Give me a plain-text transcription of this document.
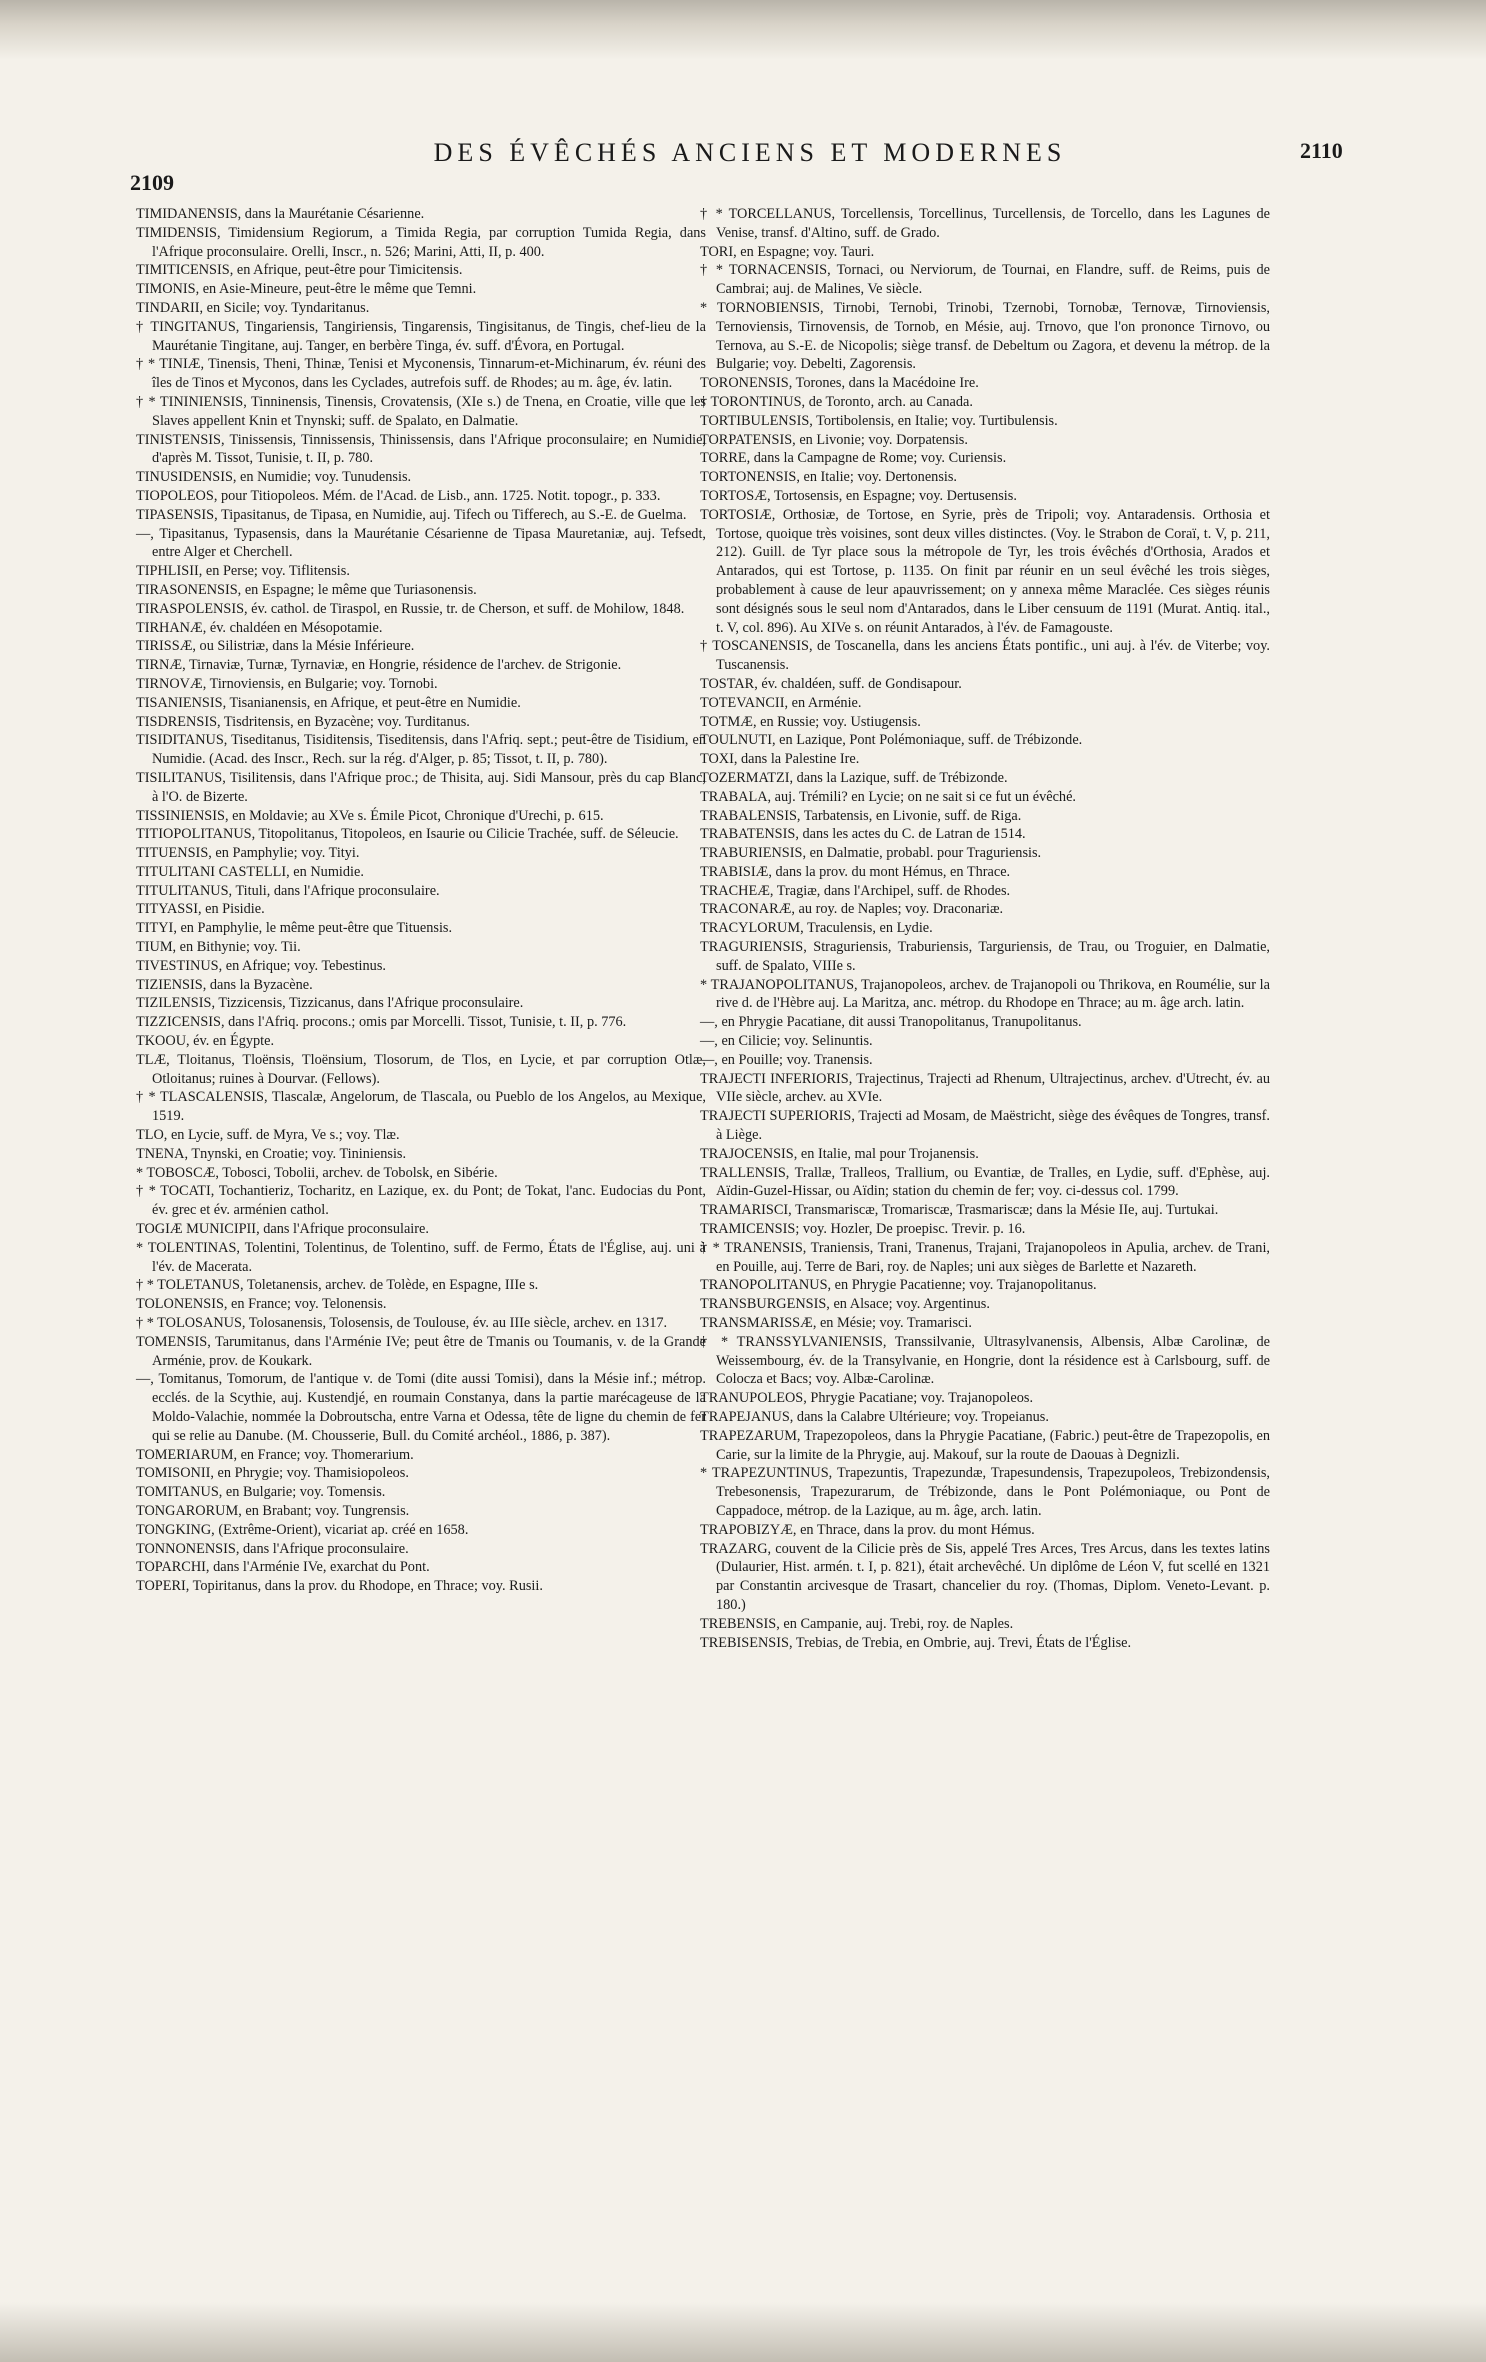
2109
DES ÉVÊCHÉS ANCIENS ET MODERNES	2110

TIMIDANENSIS, dans la Maurétanie Césarienne.

TIMIDENSIS, Timidensium Regiorum, a Timida Regia, par corruption Tumida Regia, dans l'Afrique proconsulaire. Orelli, Inscr., n. 526; Marini, Atti, II, p. 400.

TIMITICENSIS, en Afrique, peut-être pour Timicitensis.

TIMONIS, en Asie-Mineure, peut-être le même que Temni.

TINDARII, en Sicile; voy. Tyndaritanus.

† TINGITANUS, Tingariensis, Tangiriensis, Tingarensis, Tingisitanus, de Tingis, chef-lieu de la Maurétanie Tingitane, auj. Tanger, en berbère Tinga, év. suff. d'Évora, en Portugal.

† * TINIÆ, Tinensis, Theni, Thinæ, Tenisi et Myconensis, Tinnarum-et-Michinarum, év. réuni des îles de Tinos et Myconos, dans les Cyclades, autrefois suff. de Rhodes; au m. âge, év. latin.

† * TININIENSIS, Tinninensis, Tinensis, Crovatensis, (XIe s.) de Tnena, en Croatie, ville que les Slaves appellent Knin et Tnynski; suff. de Spalato, en Dalmatie.

TINISTENSIS, Tinissensis, Tinnissensis, Thinissensis, dans l'Afrique proconsulaire; en Numidie, d'après M. Tissot, Tunisie, t. II, p. 780.

TINUSIDENSIS, en Numidie; voy. Tunudensis.

TIOPOLEOS, pour Titiopoleos. Mém. de l'Acad. de Lisb., ann. 1725. Notit. topogr., p. 333.

TIPASENSIS, Tipasitanus, de Tipasa, en Numidie, auj. Tifech ou Tifferech, au S.-E. de Guelma.

—, Tipasitanus, Typasensis, dans la Maurétanie Césarienne de Tipasa Mauretaniæ, auj. Tefsedt, entre Alger et Cherchell.

TIPHLISII, en Perse; voy. Tiflitensis.

TIRASONENSIS, en Espagne; le même que Turiasonensis.

TIRASPOLENSIS, év. cathol. de Tiraspol, en Russie, tr. de Cherson, et suff. de Mohilow, 1848.

TIRHANÆ, év. chaldéen en Mésopotamie.

TIRISSÆ, ou Silistriæ, dans la Mésie Inférieure.

TIRNÆ, Tirnaviæ, Turnæ, Tyrnaviæ, en Hongrie, résidence de l'archev. de Strigonie.

TIRNOVÆ, Tirnoviensis, en Bulgarie; voy. Tornobi.

TISANIENSIS, Tisanianensis, en Afrique, et peut-être en Numidie.

TISDRENSIS, Tisdritensis, en Byzacène; voy. Turditanus.

TISIDITANUS, Tiseditanus, Tisiditensis, Tiseditensis, dans l'Afriq. sept.; peut-être de Tisidium, en Numidie. (Acad. des Inscr., Rech. sur la rég. d'Alger, p. 85; Tissot, t. II, p. 780).

TISILITANUS, Tisilitensis, dans l'Afrique proc.; de Thisita, auj. Sidi Mansour, près du cap Blanc, à l'O. de Bizerte.

TISSINIENSIS, en Moldavie; au XVe s. Émile Picot, Chronique d'Urechi, p. 615.

TITIOPOLITANUS, Titopolitanus, Titopoleos, en Isaurie ou Cilicie Trachée, suff. de Séleucie.

TITUENSIS, en Pamphylie; voy. Tityi.

TITULITANI CASTELLI, en Numidie.

TITULITANUS, Tituli, dans l'Afrique proconsulaire.

TITYASSI, en Pisidie.

TITYI, en Pamphylie, le même peut-être que Tituensis.

TIUM, en Bithynie; voy. Tii.

TIVESTINUS, en Afrique; voy. Tebestinus.

TIZIENSIS, dans la Byzacène.

TIZILENSIS, Tizzicensis, Tizzicanus, dans l'Afrique proconsulaire.

TIZZICENSIS, dans l'Afriq. procons.; omis par Morcelli. Tissot, Tunisie, t. II, p. 776.

TKOOU, év. en Égypte.

TLÆ, Tloitanus, Tloënsis, Tloënsium, Tlosorum, de Tlos, en Lycie, et par corruption Otlæ, Otloitanus; ruines à Dourvar. (Fellows).

† * TLASCALENSIS, Tlascalæ, Angelorum, de Tlascala, ou Pueblo de los Angelos, au Mexique, 1519.

TLO, en Lycie, suff. de Myra, Ve s.; voy. Tlæ.

TNENA, Tnynski, en Croatie; voy. Tininiensis.

* TOBOSCÆ, Tobosci, Tobolii, archev. de Tobolsk, en Sibérie.

† * TOCATI, Tochantieriz, Tocharitz, en Lazique, ex. du Pont; de Tokat, l'anc. Eudocias du Pont, év. grec et év. arménien cathol.

TOGIÆ MUNICIPII, dans l'Afrique proconsulaire.

* TOLENTINAS, Tolentini, Tolentinus, de Tolentino, suff. de Fermo, États de l'Église, auj. uni à l'év. de Macerata.

† * TOLETANUS, Toletanensis, archev. de Tolède, en Espagne, IIIe s.

TOLONENSIS, en France; voy. Telonensis.

† * TOLOSANUS, Tolosanensis, Tolosensis, de Toulouse, év. au IIIe siècle, archev. en 1317.

TOMENSIS, Tarumitanus, dans l'Arménie IVe; peut être de Tmanis ou Toumanis, v. de la Grande Arménie, prov. de Koukark.

—, Tomitanus, Tomorum, de l'antique v. de Tomi (dite aussi Tomisi), dans la Mésie inf.; métrop. ecclés. de la Scythie, auj. Kustendjé, en roumain Constanya, dans la partie marécageuse de la Moldo-Valachie, nommée la Dobroutscha, entre Varna et Odessa, tête de ligne du chemin de fer qui se relie au Danube. (M. Chousserie, Bull. du Comité archéol., 1886, p. 387).

TOMERIARUM, en France; voy. Thomerarium.

TOMISONII, en Phrygie; voy. Thamisiopoleos.

TOMITANUS, en Bulgarie; voy. Tomensis.

TONGARORUM, en Brabant; voy. Tungrensis.

TONGKING, (Extrême-Orient), vicariat ap. créé en 1658.

TONNONENSIS, dans l'Afrique proconsulaire.

TOPARCHI, dans l'Arménie IVe, exarchat du Pont.

TOPERI, Topiritanus, dans la prov. du Rhodope, en Thrace; voy. Rusii.

† * TORCELLANUS, Torcellensis, Torcellinus, Turcellensis, de Torcello, dans les Lagunes de Venise, transf. d'Altino, suff. de Grado.

TORI, en Espagne; voy. Tauri.

† * TORNACENSIS, Tornaci, ou Nerviorum, de Tournai, en Flandre, suff. de Reims, puis de Cambrai; auj. de Malines, Ve siècle.

* TORNOBIENSIS, Tirnobi, Ternobi, Trinobi, Tzernobi, Tornobæ, Ternovæ, Tirnoviensis, Ternoviensis, Tirnovensis, de Tornob, en Mésie, auj. Trnovo, que l'on prononce Tirnovo, ou Ternova, au S.-E. de Nicopolis; siège transf. de Debeltum ou Zagora, et devenu la métrop. de la Bulgarie; voy. Debelti, Zagorensis.

TORONENSIS, Torones, dans la Macédoine Ire.

† TORONTINUS, de Toronto, arch. au Canada.

TORTIBULENSIS, Tortibolensis, en Italie; voy. Turtibulensis.

TORPATENSIS, en Livonie; voy. Dorpatensis.

TORRE, dans la Campagne de Rome; voy. Curiensis.

TORTONENSIS, en Italie; voy. Dertonensis.

TORTOSÆ, Tortosensis, en Espagne; voy. Dertusensis.

TORTOSIÆ, Orthosiæ, de Tortose, en Syrie, près de Tripoli; voy. Antaradensis. Orthosia et Tortose, quoique très voisines, sont deux villes distinctes. (Voy. le Strabon de Coraï, t. V, p. 211, 212). Guill. de Tyr place sous la métropole de Tyr, les trois évêchés d'Orthosia, Arados et Antarados, qui est Tortose, p. 1135. On finit par réunir en un seul évêché les trois sièges, probablement à cause de leur apauvrissement; on y annexa même Maraclée. Ces sièges réunis sont désignés sous le seul nom d'Antarados, dans le Liber censuum de 1191 (Murat. Antiq. ital., t. V, col. 896). Au XIVe s. on réunit Antarados, à l'év. de Famagouste.

† TOSCANENSIS, de Toscanella, dans les anciens États pontific., uni auj. à l'év. de Viterbe; voy. Tuscanensis.

TOSTAR, év. chaldéen, suff. de Gondisapour.

TOTEVANCII, en Arménie.

TOTMÆ, en Russie; voy. Ustiugensis.

TOULNUTI, en Lazique, Pont Polémoniaque, suff. de Trébizonde.

TOXI, dans la Palestine Ire.

TOZERMATZI, dans la Lazique, suff. de Trébizonde.

TRABALA, auj. Trémili? en Lycie; on ne sait si ce fut un évêché.

TRABALENSIS, Tarbatensis, en Livonie, suff. de Riga.

TRABATENSIS, dans les actes du C. de Latran de 1514.

TRABURIENSIS, en Dalmatie, probabl. pour Traguriensis.

TRABISIÆ, dans la prov. du mont Hémus, en Thrace.

TRACHEÆ, Tragiæ, dans l'Archipel, suff. de Rhodes.

TRACONARÆ, au roy. de Naples; voy. Draconariæ.

TRACYLORUM, Traculensis, en Lydie.

TRAGURIENSIS, Straguriensis, Traburiensis, Targuriensis, de Trau, ou Troguier, en Dalmatie, suff. de Spalato, VIIIe s.

* TRAJANOPOLITANUS, Trajanopoleos, archev. de Trajanopoli ou Thrikova, en Roumélie, sur la rive d. de l'Hèbre auj. La Maritza, anc. métrop. du Rhodope en Thrace; au m. âge arch. latin.

—, en Phrygie Pacatiane, dit aussi Tranopolitanus, Tranupolitanus.

—, en Cilicie; voy. Selinuntis.

—, en Pouille; voy. Tranensis.

TRAJECTI INFERIORIS, Trajectinus, Trajecti ad Rhenum, Ultrajectinus, archev. d'Utrecht, év. au VIIe siècle, archev. au XVIe.

TRAJECTI SUPERIORIS, Trajecti ad Mosam, de Maëstricht, siège des évêques de Tongres, transf. à Liège.

TRAJOCENSIS, en Italie, mal pour Trojanensis.

TRALLENSIS, Trallæ, Tralleos, Trallium, ou Evantiæ, de Tralles, en Lydie, suff. d'Ephèse, auj. Aïdin-Guzel-Hissar, ou Aïdin; station du chemin de fer; voy. ci-dessus col. 1799.

TRAMARISCI, Transmariscæ, Tromariscæ, Trasmariscæ; dans la Mésie IIe, auj. Turtukai.

TRAMICENSIS; voy. Hozler, De proepisc. Trevir. p. 16.

† * TRANENSIS, Traniensis, Trani, Tranenus, Trajani, Trajanopoleos in Apulia, archev. de Trani, en Pouille, auj. Terre de Bari, roy. de Naples; uni aux sièges de Barlette et Nazareth.

TRANOPOLITANUS, en Phrygie Pacatienne; voy. Trajanopolitanus.

TRANSBURGENSIS, en Alsace; voy. Argentinus.

TRANSMARISSÆ, en Mésie; voy. Tramarisci.

† * TRANSSYLVANIENSIS, Transsilvanie, Ultrasylvanensis, Albensis, Albæ Carolinæ, de Weissembourg, év. de la Transylvanie, en Hongrie, dont la résidence est à Carlsbourg, suff. de Colocza et Bacs; voy. Albæ-Carolinæ.

TRANUPOLEOS, Phrygie Pacatiane; voy. Trajanopoleos.

TRAPEJANUS, dans la Calabre Ultérieure; voy. Tropeianus.

TRAPEZARUM, Trapezopoleos, dans la Phrygie Pacatiane, (Fabric.) peut-être de Trapezopolis, en Carie, sur la limite de la Phrygie, auj. Makouf, sur la route de Daouas à Degnizli.

* TRAPEZUNTINUS, Trapezuntis, Trapezundæ, Trapesundensis, Trapezupoleos, Trebizondensis, Trebesonensis, Trapezurarum, de Trébizonde, dans le Pont Polémoniaque, ou Pont de Cappadoce, métrop. de la Lazique, au m. âge, arch. latin.

TRAPOBIZYÆ, en Thrace, dans la prov. du mont Hémus.

TRAZARG, couvent de la Cilicie près de Sis, appelé Tres Arces, Tres Arcus, dans les textes latins (Dulaurier, Hist. armén. t. I, p. 821), était archevêché. Un diplôme de Léon V, fut scellé en 1321 par Constantin arcivesque de Trasart, chancelier du roy. (Thomas, Diplom. Veneto-Levant. p. 180.)

TREBENSIS, en Campanie, auj. Trebi, roy. de Naples.

TREBISENSIS, Trebias, de Trebia, en Ombrie, auj. Trevi, États de l'Église.
